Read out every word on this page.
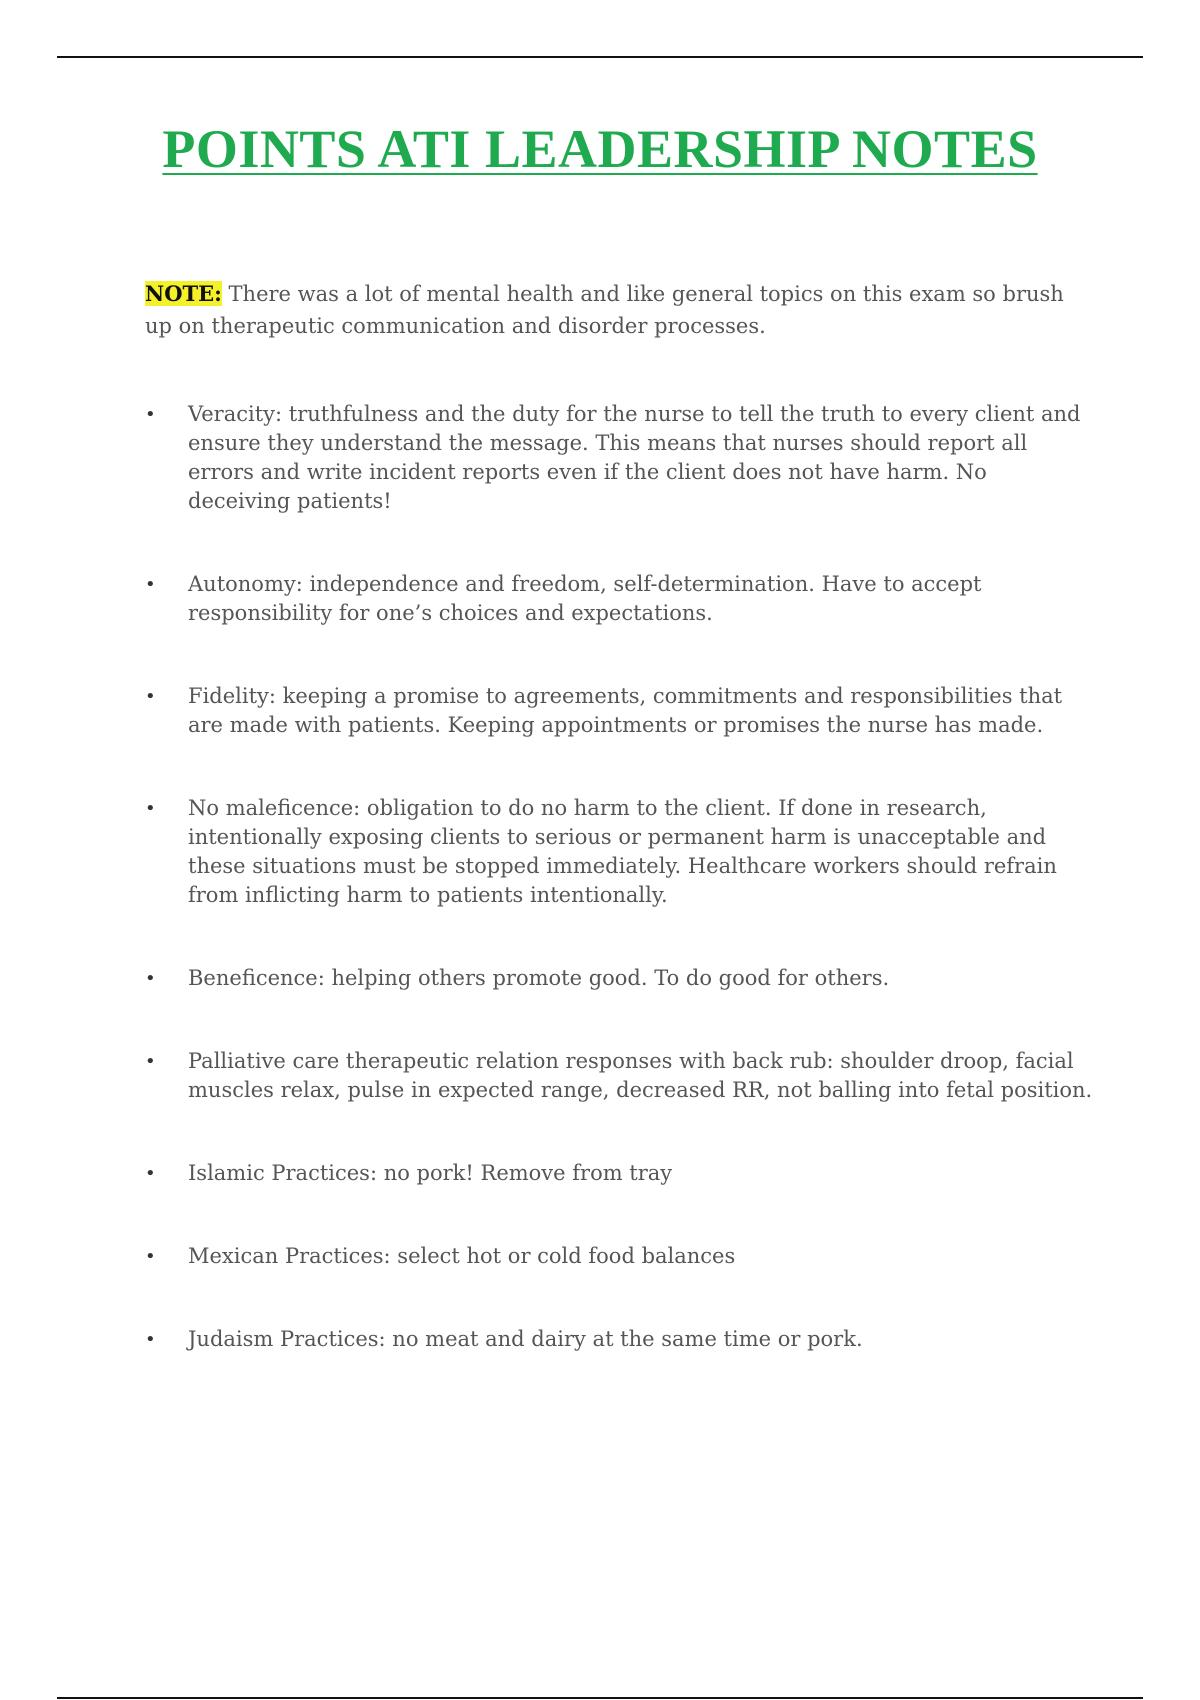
POINTS ATI LEADERSHIP NOTES

NOTE: There was a lot of mental health and like general topics on this exam so brush up on therapeutic communication and disorder processes.

• Veracity: truthfulness and the duty for the nurse to tell the truth to every client and ensure they understand the message. This means that nurses should report all errors and write incident reports even if the client does not have harm. No deceiving patients!
• Autonomy: independence and freedom, self-determination. Have to accept responsibility for one’s choices and expectations.
• Fidelity: keeping a promise to agreements, commitments and responsibilities that are made with patients. Keeping appointments or promises the nurse has made.
• No maleficence: obligation to do no harm to the client. If done in research, intentionally exposing clients to serious or permanent harm is unacceptable and these situations must be stopped immediately. Healthcare workers should refrain from inflicting harm to patients intentionally.
• Beneficence: helping others promote good. To do good for others.
• Palliative care therapeutic relation responses with back rub: shoulder droop, facial muscles relax, pulse in expected range, decreased RR, not balling into fetal position.
• Islamic Practices: no pork! Remove from tray
• Mexican Practices: select hot or cold food balances
• Judaism Practices: no meat and dairy at the same time or pork.
